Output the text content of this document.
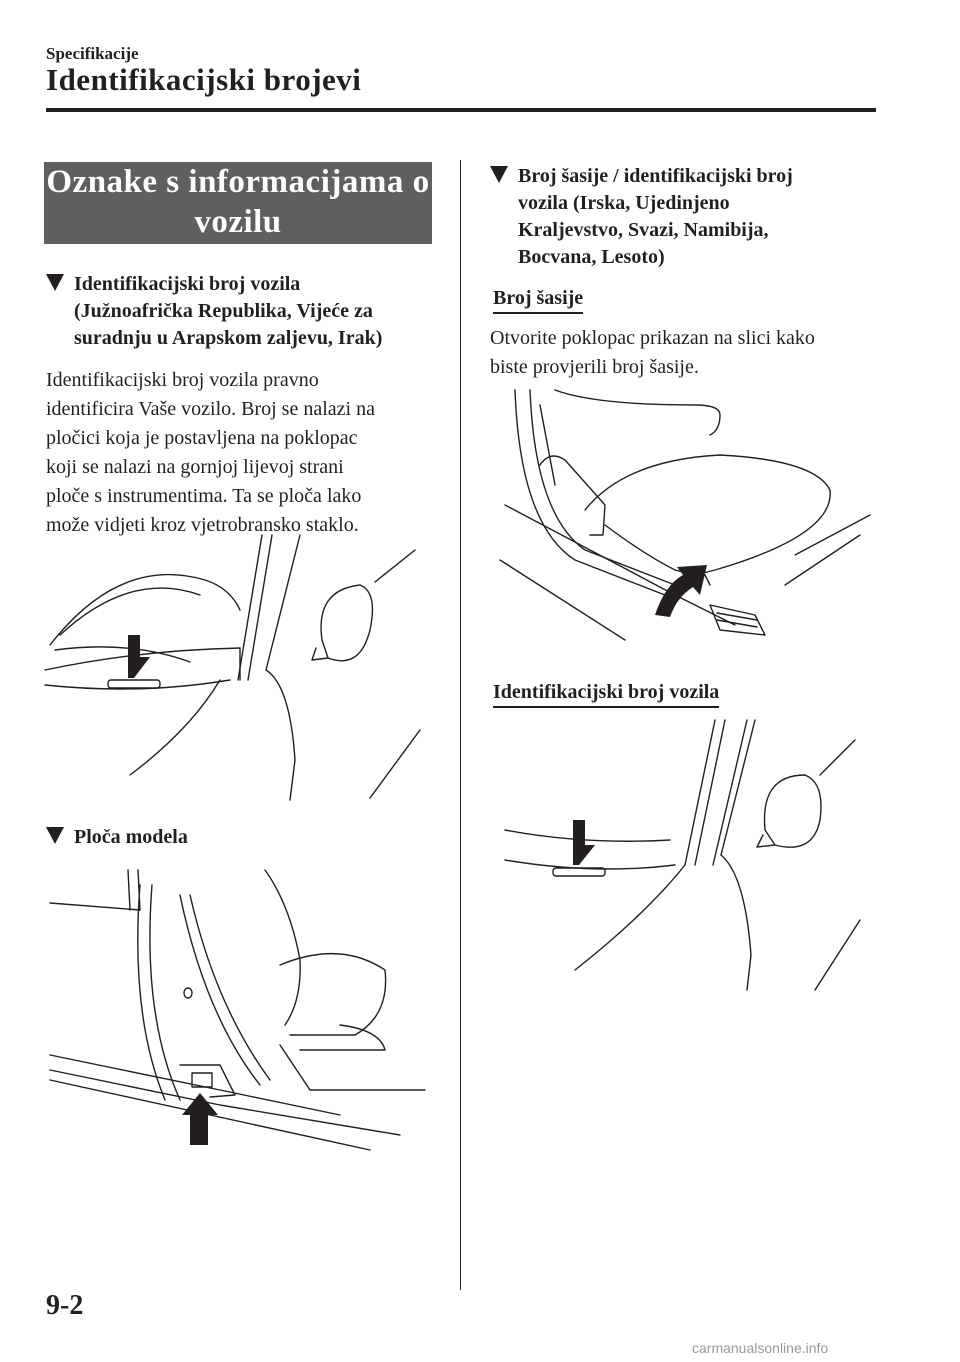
Specifikacije
Identifikacijski brojevi
Oznake s informacijama o
vozilu
Identifikacijski broj vozila
(Južnoafrička Republika, Vijeće za
suradnju u Arapskom zaljevu, Irak)
Identifikacijski broj vozila pravno
identificira Vaše vozilo. Broj se nalazi na
pločici koja je postavljena na poklopac
koji se nalazi na gornjoj lijevoj strani
ploče s instrumentima. Ta se ploča lako
može vidjeti kroz vjetrobransko staklo.
Ploča modela
Broj šasije / identifikacijski broj
vozila (Irska, Ujedinjeno
Kraljevstvo, Svazi, Namibija,
Bocvana, Lesoto)
Broj šasije
Otvorite poklopac prikazan na slici kako
biste provjerili broj šasije.
Identifikacijski broj vozila
9-2
carmanualsonline.info
